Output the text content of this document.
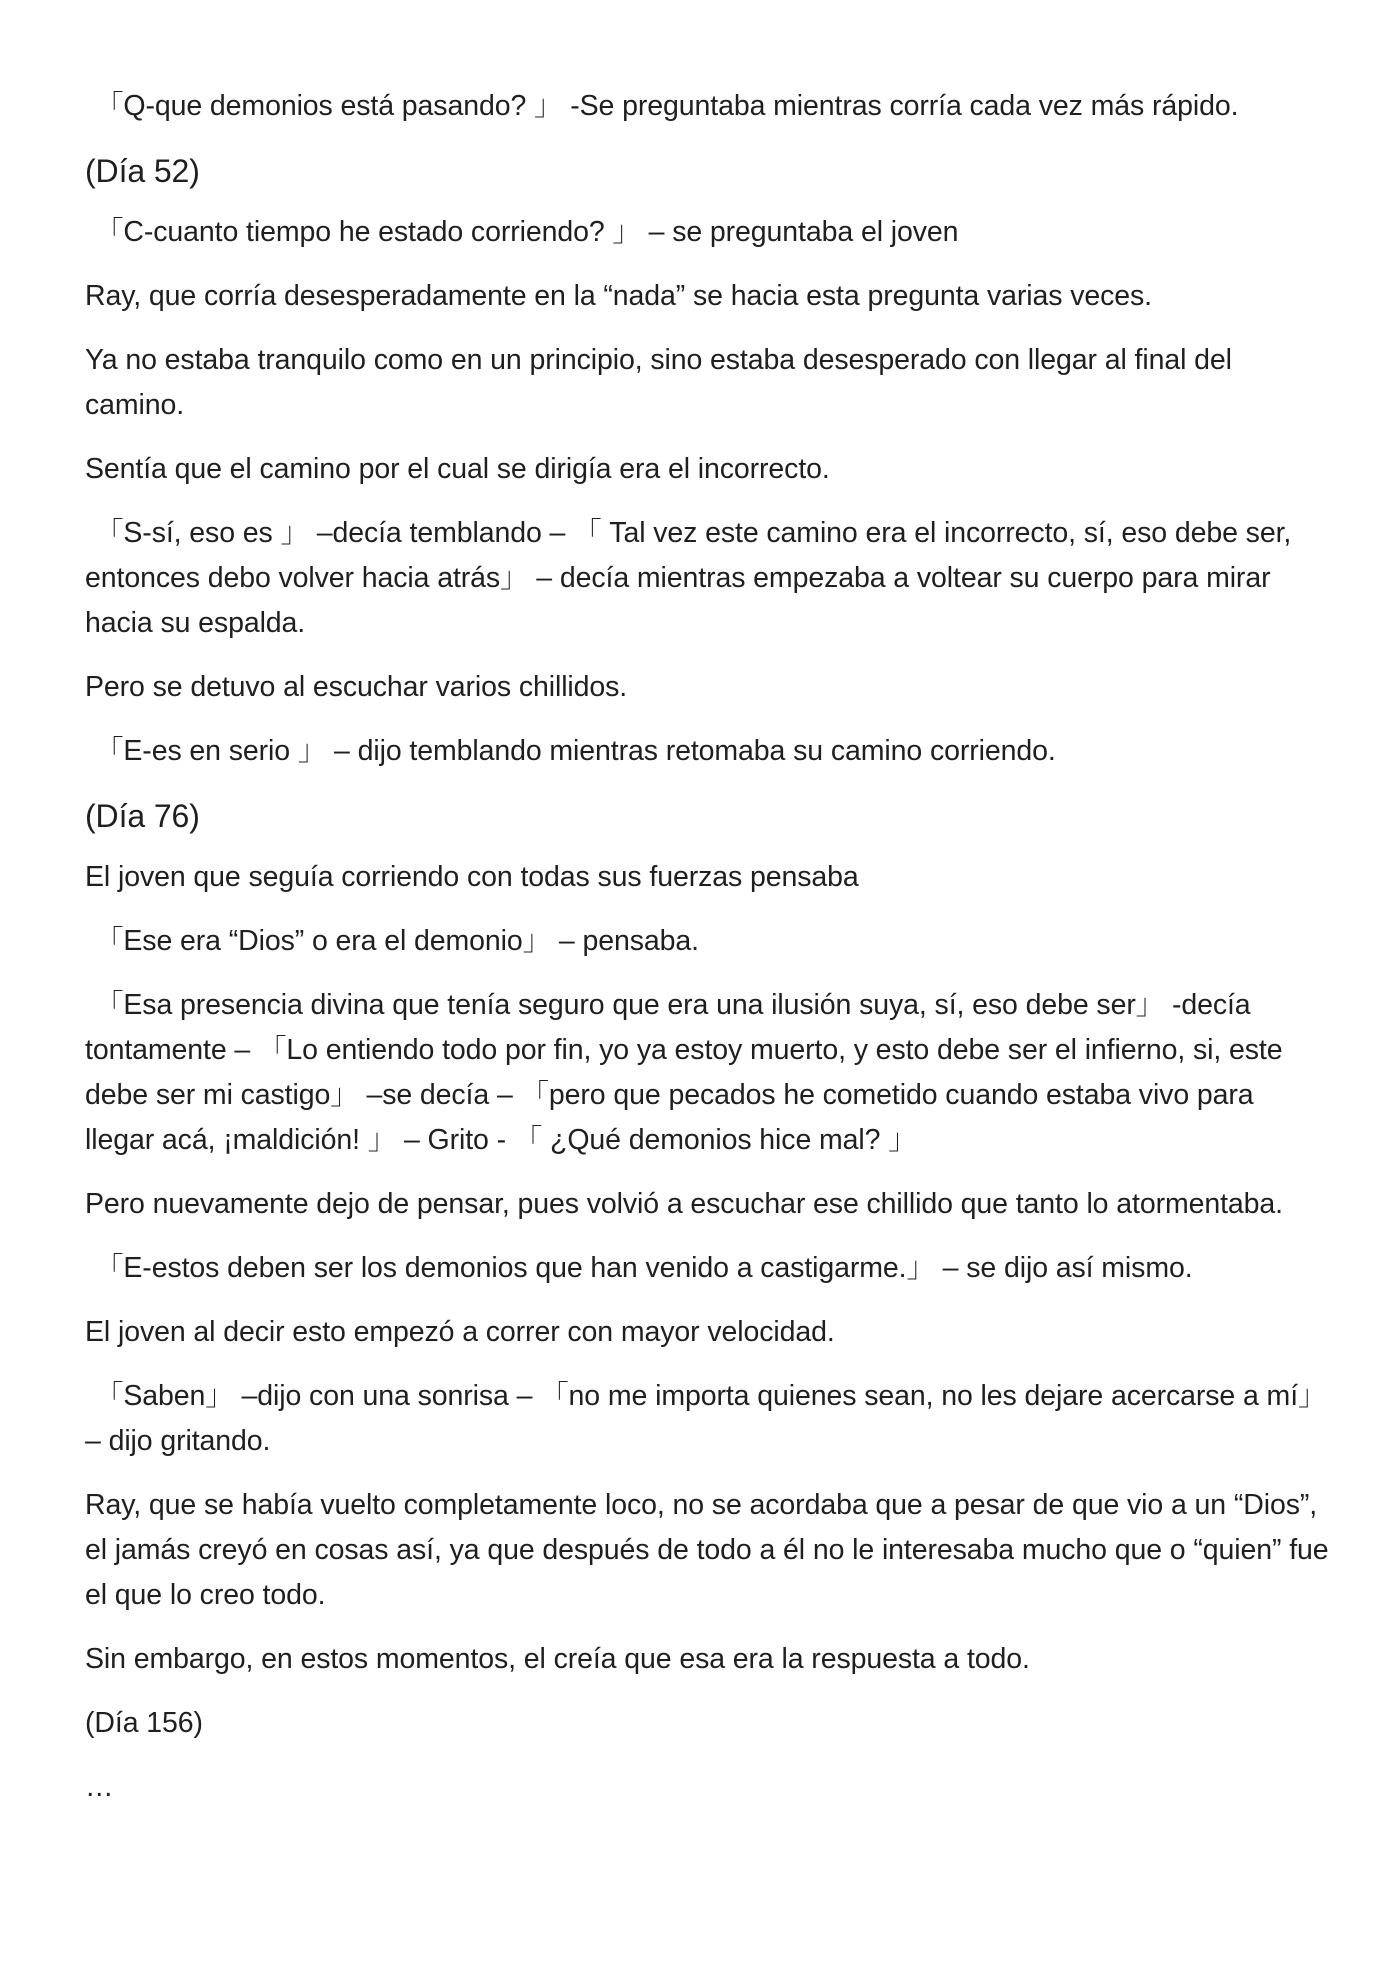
「Q-que demonios está pasando? 」 -Se preguntaba mientras corría cada vez más rápido.

(Día 52)

「C-cuanto tiempo he estado corriendo? 」 – se preguntaba el joven

Ray, que corría desesperadamente en la “nada” se hacia esta pregunta varias veces.

Ya no estaba tranquilo como en un principio, sino estaba desesperado con llegar al final del camino.

Sentía que el camino por el cual se dirigía era el incorrecto.

「S-sí, eso es 」 –decía temblando – 「 Tal vez este camino era el incorrecto, sí, eso debe ser, entonces debo volver hacia atrás」 – decía mientras empezaba a voltear su cuerpo para mirar hacia su espalda.

Pero se detuvo al escuchar varios chillidos.

「E-es en serio 」 – dijo temblando mientras retomaba su camino corriendo.

(Día 76)

El joven que seguía corriendo con todas sus fuerzas pensaba

「Ese era “Dios” o era el demonio」 – pensaba.

「Esa presencia divina que tenía seguro que era una ilusión suya, sí, eso debe ser」 -decía tontamente – 「Lo entiendo todo por fin, yo ya estoy muerto, y esto debe ser el infierno, si, este debe ser mi castigo」 –se decía – 「pero que pecados he cometido cuando estaba vivo para llegar acá, ¡maldición! 」 – Grito - 「 ¿Qué demonios hice mal? 」

Pero nuevamente dejo de pensar, pues volvió a escuchar ese chillido que tanto lo atormentaba.

「E-estos deben ser los demonios que han venido a castigarme.」 – se dijo así mismo.

El joven al decir esto empezó a correr con mayor velocidad.

「Saben」 –dijo con una sonrisa – 「no me importa quienes sean, no les dejare acercarse a mí」 – dijo gritando.

Ray, que se había vuelto completamente loco, no se acordaba que a pesar de que vio a un “Dios”, el jamás creyó en cosas así, ya que después de todo a él no le interesaba mucho que o “quien” fue el que lo creo todo.

Sin embargo, en estos momentos, el creía que esa era la respuesta a todo.

(Día 156)

…
